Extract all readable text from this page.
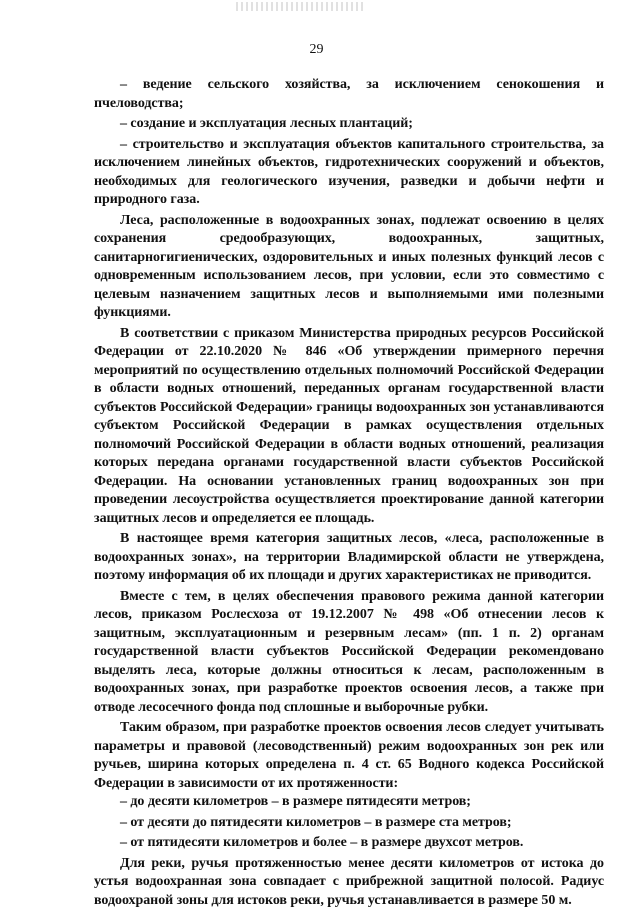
29

– ведение сельского хозяйства, за исключением сенокошения и пчеловодства;

– создание и эксплуатация лесных плантаций;

– строительство и эксплуатация объектов капитального строительства, за исключением линейных объектов, гидротехнических сооружений и объектов, необходимых для геологического изучения, разведки и добычи нефти и природного газа.

Леса, расположенные в водоохранных зонах, подлежат освоению в целях сохранения средообразующих, водоохранных, защитных, санитарногигиенических, оздоровительных и иных полезных функций лесов с одновременным использованием лесов, при условии, если это совместимо с целевым назначением защитных лесов и выполняемыми ими полезными функциями.

В соответствии с приказом Министерства природных ресурсов Российской Федерации от 22.10.2020 № 846 «Об утверждении примерного перечня мероприятий по осуществлению отдельных полномочий Российской Федерации в области водных отношений, переданных органам государственной власти субъектов Российской Федерации» границы водоохранных зон устанавливаются субъектом Российской Федерации в рамках осуществления отдельных полномочий Российской Федерации в области водных отношений, реализация которых передана органами государственной власти субъектов Российской Федерации. На основании установленных границ водоохранных зон при проведении лесоустройства осуществляется проектирование данной категории защитных лесов и определяется ее площадь.

В настоящее время категория защитных лесов, «леса, расположенные в водоохранных зонах», на территории Владимирской области не утверждена, поэтому информация об их площади и других характеристиках не приводится.

Вместе с тем, в целях обеспечения правового режима данной категории лесов, приказом Рослесхоза от 19.12.2007 № 498 «Об отнесении лесов к защитным, эксплуатационным и резервным лесам» (пп. 1 п. 2) органам государственной власти субъектов Российской Федерации рекомендовано выделять леса, которые должны относиться к лесам, расположенным в водоохранных зонах, при разработке проектов освоения лесов, а также при отводе лесосечного фонда под сплошные и выборочные рубки.

Таким образом, при разработке проектов освоения лесов следует учитывать параметры и правовой (лесоводственный) режим водоохранных зон рек или ручьев, ширина которых определена п. 4 ст. 65 Водного кодекса Российской Федерации в зависимости от их протяженности:

– до десяти километров – в размере пятидесяти метров;

– от десяти до пятидесяти километров – в размере ста метров;

– от пятидесяти километров и более – в размере двухсот метров.

Для реки, ручья протяженностью менее десяти километров от истока до устья водоохранная зона совпадает с прибрежной защитной полосой. Радиус водоохраной зоны для истоков реки, ручья устанавливается в размере 50 м.
